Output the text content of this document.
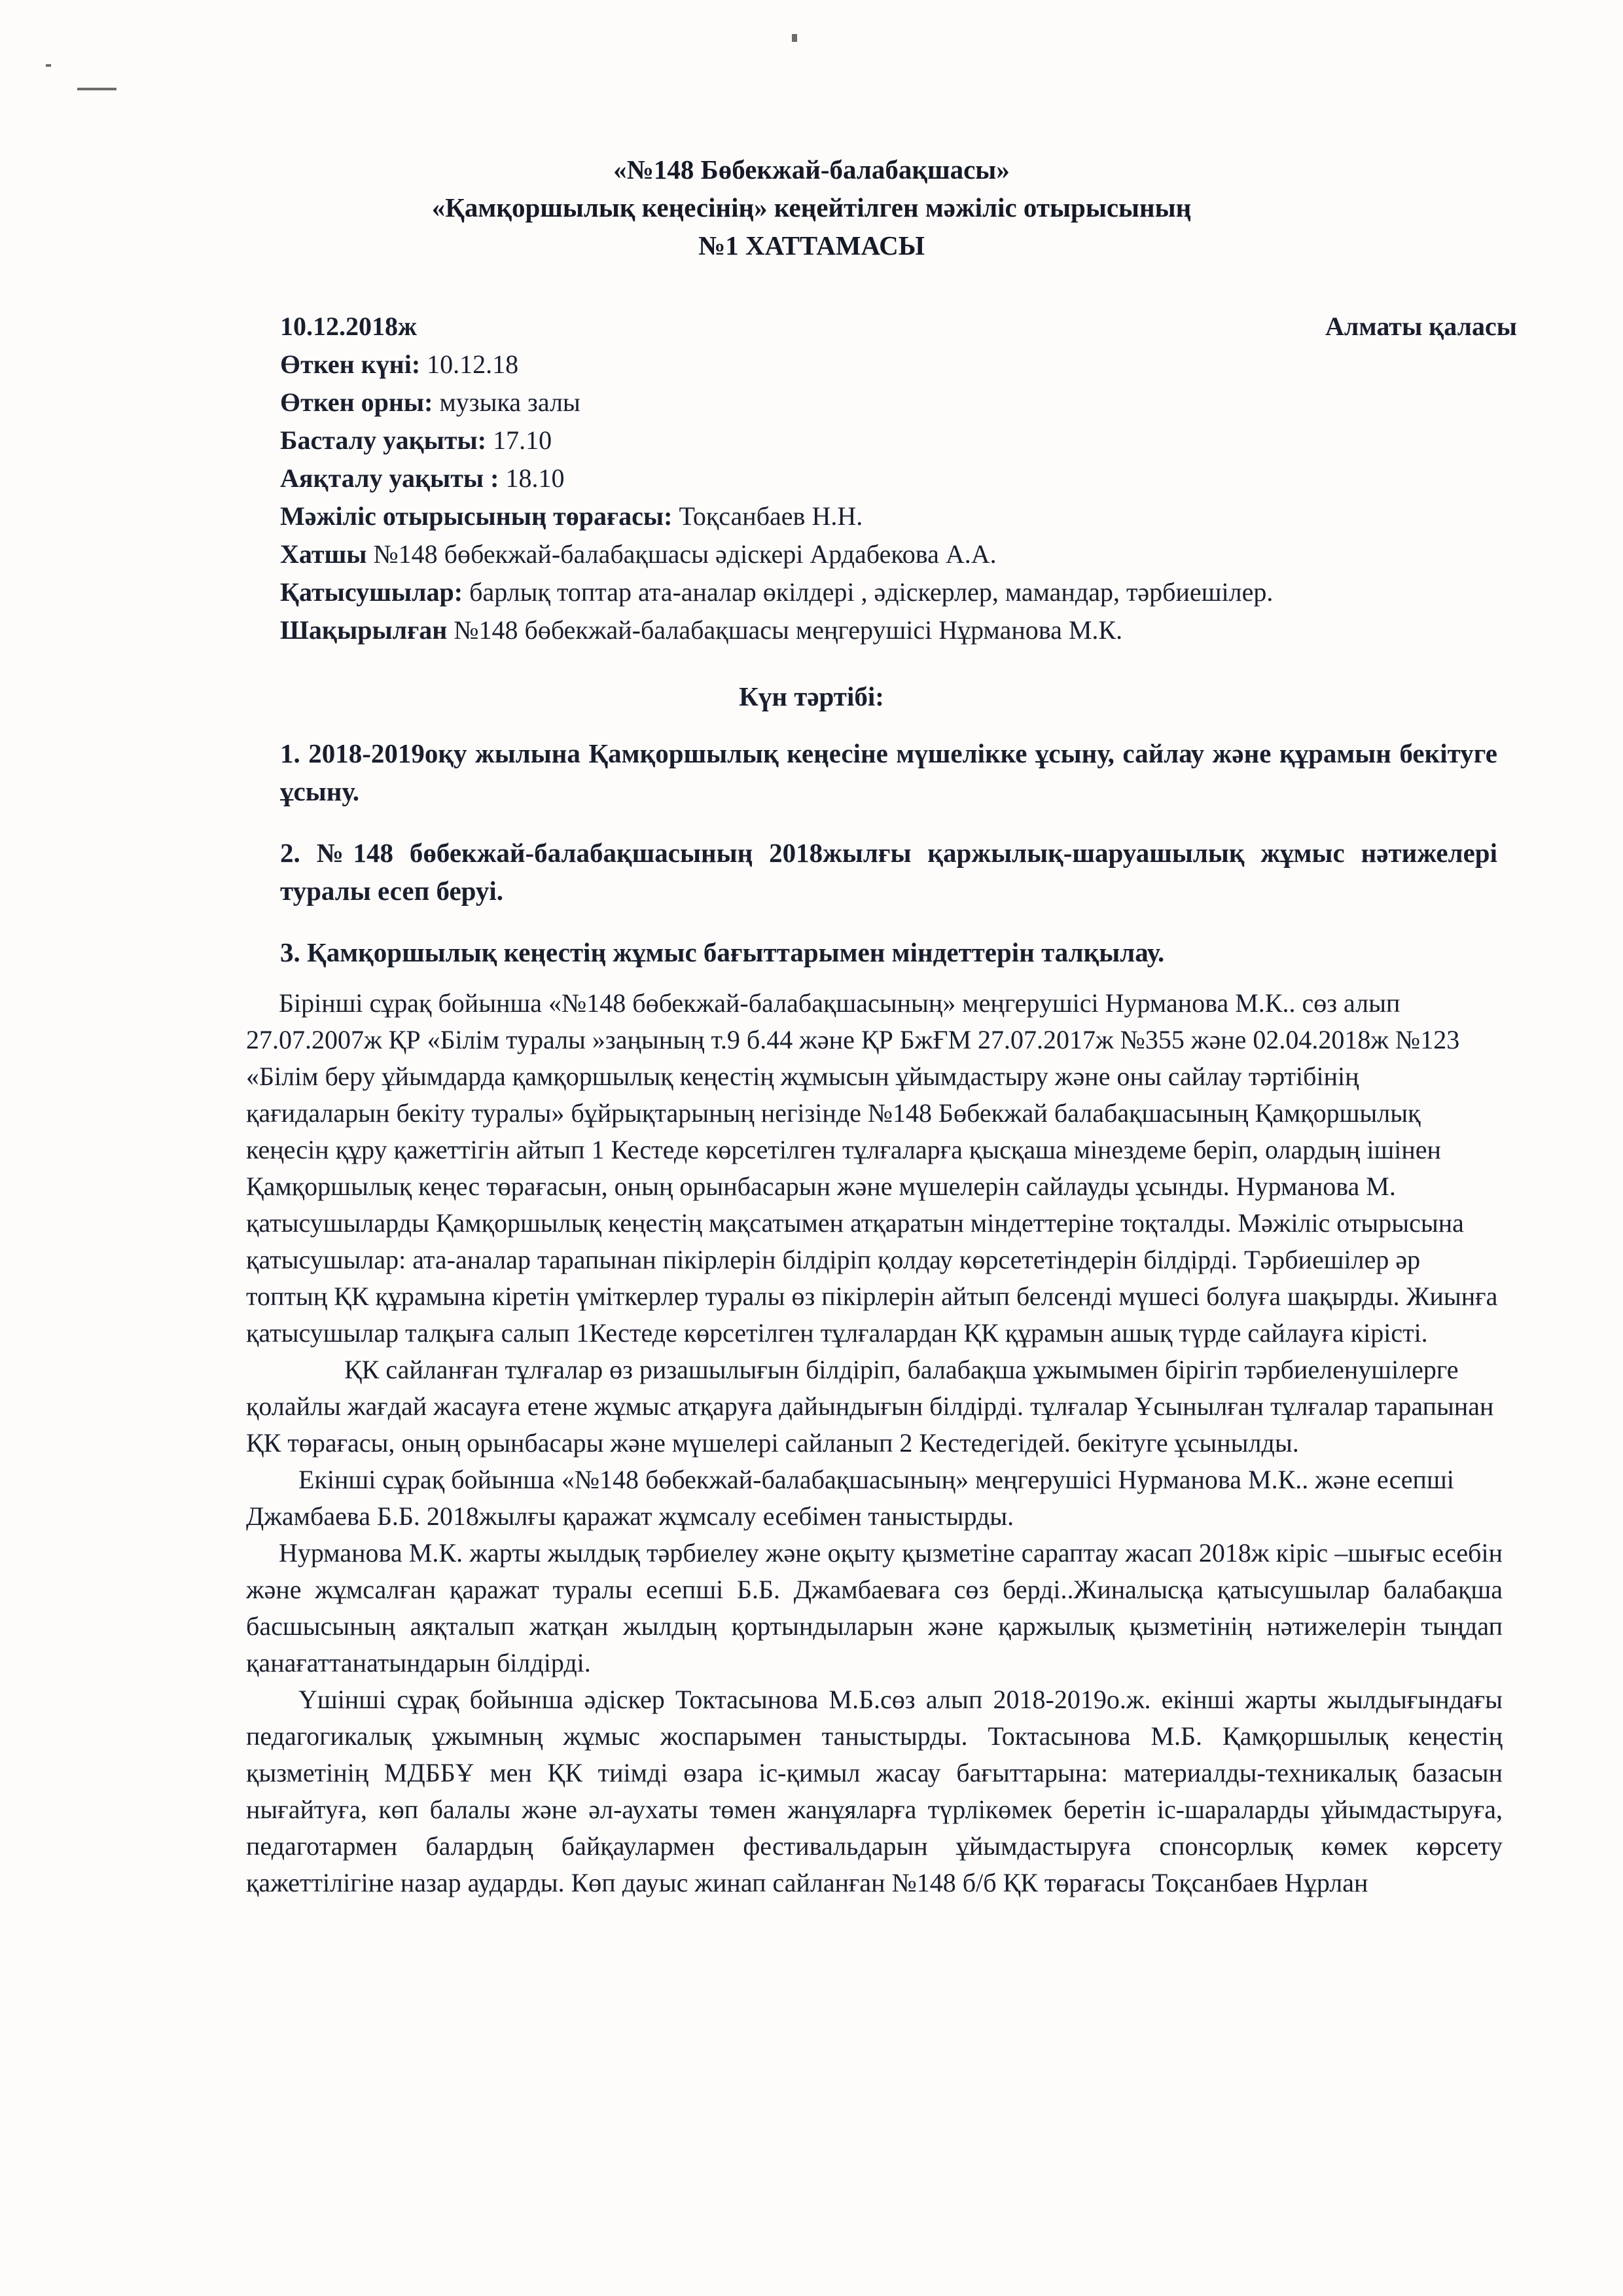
«№148 Бөбекжай-балабақшасы»
«Қамқоршылық кеңесінің» кеңейтілген мәжіліс отырысының
№1 ХАТТАМАСЫ
10.12.2018ж	Алматы қаласы
Өткен күні: 10.12.18
Өткен орны: музыка залы
Басталу уақыты: 17.10
Аяқталу уақыты : 18.10
Мәжіліс отырысының төрағасы: Тоқсанбаев Н.Н.
Хатшы №148 бөбекжай-балабақшасы әдіскері Ардабекова А.А.
Қатысушылар: барлық топтар ата-аналар өкілдері , әдіскерлер, мамандар, тәрбиешілер.
Шақырылған №148 бөбекжай-балабақшасы меңгерушісі Нұрманова М.К.
Күн тәртібі:
1. 2018-2019оқу жылына Қамқоршылық кеңесіне мүшелікке ұсыну, сайлау және құрамын бекітуге ұсыну.
2. №148 бөбекжай-балабақшасының 2018жылғы қаржылық-шаруашылық жұмыс нәтижелері туралы есеп беруі.
3. Қамқоршылық кеңестің жұмыс бағыттарымен міндеттерін талқылау.

Бірінші сұрақ бойынша «№148 бөбекжай-балабақшасының» меңгерушісі Нурманова М.К.. сөз алып 27.07.2007ж ҚР «Білім туралы »заңының т.9 б.44 және ҚР БжҒМ 27.07.2017ж №355 және 02.04.2018ж №123 «Білім беру ұйымдарда қамқоршылық кеңестің жұмысын ұйымдастыру және оны сайлау тәртібінің қағидаларын бекіту туралы» бұйрықтарының негізінде №148 Бөбекжай балабақшасының Қамқоршылық кеңесін құру қажеттігін айтып 1 Кестеде көрсетілген тұлғаларға қысқаша мінездеме беріп, олардың ішінен Қамқоршылық кеңес төрағасын, оның орынбасарын және мүшелерін сайлауды ұсынды. Нурманова М. қатысушыларды Қамқоршылық кеңестің мақсатымен атқаратын міндеттеріне тоқталды. Мәжіліс отырысына қатысушылар: ата-аналар тарапынан пікірлерін білдіріп қолдау көрсететіндерін білдірді. Тәрбиешілер әр топтың ҚК құрамына кіретін үміткерлер туралы өз пікірлерін айтып белсенді мүшесі болуға шақырды. Жиынға қатысушылар талқыға салып 1Кестеде көрсетілген тұлғалардан ҚК құрамын ашық түрде сайлауға кірісті.

ҚК сайланған тұлғалар өз ризашылығын білдіріп, балабақша ұжымымен бірігіп тәрбиеленушілерге қолайлы жағдай жасауға етене жұмыс атқаруға дайындығын білдірді. тұлғалар Ұсынылған тұлғалар тарапынан ҚК төрағасы, оның орынбасары және мүшелері сайланып 2 Кестедегідей. бекітуге ұсынылды.

Екінші сұрақ бойынша «№148 бөбекжай-балабақшасының» меңгерушісі Нурманова М.К.. және есепші Джамбаева Б.Б. 2018жылғы қаражат жұмсалу есебімен таныстырды.

Нурманова М.К. жарты жылдық тәрбиелеу және оқыту қызметіне сараптау жасап 2018ж кіріс –шығыс есебін және жұмсалған қаражат туралы есепші Б.Б. Джамбаеваға сөз берді..Жиналысқа қатысушылар балабақша басшысының аяқталып жатқан жылдың қортындыларын және қаржылық қызметінің нәтижелерін тыңдап қанағаттанатындарын білдірді.

Үшінші сұрақ бойынша әдіскер Токтасынова М.Б.сөз алып 2018-2019о.ж. екінші жарты жылдығындағы педагогикалық ұжымның жұмыс жоспарымен таныстырды. Токтасынова М.Б. Қамқоршылық кеңестің қызметінің МДББҰ мен ҚК тиімді өзара іс-қимыл жасау бағыттарына: материалды-техникалық базасын нығайтуға, көп балалы және әл-аухаты төмен жанұяларға түрлікөмек беретін іс-шараларды ұйымдастыруға, педаготармен балардың байқаулармен фестивальдарын ұйымдастыруға спонсорлық көмек көрсету қажеттілігіне назар аударды. Көп дауыс жинап сайланған №148 б/б ҚК төрағасы Тоқсанбаев Нұрлан
